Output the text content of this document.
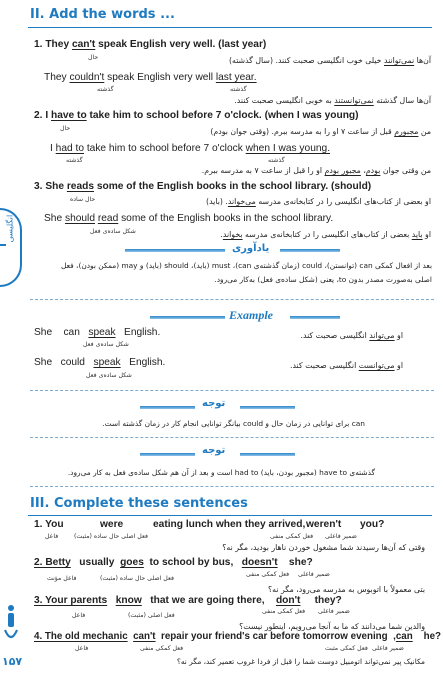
انگلیسی
II. Add the words ...
1. They can't speak English very well. (last year)
حال	آن‌ها نمی‌توانند خیلی خوب انگلیسی صحبت کنند. (سال گذشته)
They couldn't speak English very well last year.
گذشته	گذشته
آن‌ها سال گذشته نمی‌توانستند به خوبی انگلیسی صحبت کنند.
2. I have to take him to school before 7 o'clock. (when I was young)
حال	من مجبورم قبل از ساعت ۷ او را به مدرسه ببرم. (وقتی جوان بودم)
I had to take him to school before 7 o'clock when I was young.
گذشته	گذشته
من وقتی جوان بودم، مجبور بودم او را قبل از ساعت ۷ به مدرسه ببرم.
3. She reads some of the English books in the school library. (should)
حال ساده	او بعضی از کتاب‌های انگلیسی را در کتابخانه‌ی مدرسه می‌خواند. (باید)
She should read some of the English books in the school library.
شکل ساده‌ی فعل	او باید بعضی از کتاب‌های انگلیسی را در کتابخانه‌ی مدرسه بخواند.
یادآوری
بعد از افعال کمکی can (توانستن)، could (زمان گذشته‌ی can)، must (باید)، should (باید) و may (ممکن بودن)، فعل
اصلی به‌صورت مصدر بدون to، یعنی (شکل ساده‌ی فعل) به‌کار می‌رود.
Example
She    can   speak   English.
شکل ساده‌ی فعل
او می‌تواند انگلیسی صحبت کند.
She   could   speak   English.
شکل ساده‌ی فعل
او می‌توانست انگلیسی صحبت کند.
توجه
can برای توانایی در زمان حال و could بیانگر توانایی انجام کار در زمان گذشته است.
توجه
گذشته‌ی have to (مجبور بودن، باید) had to است و بعد از آن هم شکل ساده‌ی فعل به کار می‌رود.
III. Complete these sentences
1. You	were	eating lunch when they arrived, weren't you?
ضمیر فاعلی
فعل کمکی منفی
فعل اصلی حال ساده (مثبت)
فاعل
وقتی که آن‌ها رسیدند شما مشغول خوردن ناهار بودید، مگر نه؟
2. Betty   usually  goes  to school by bus,   doesn't    she?
ضمیر فاعلی
فعل کمکی منفی
فعل اصلی حال ساده (مثبت)
فاعل مؤنث
بتی معمولاً با اتوبوس به مدرسه می‌رود، مگر نه؟
3. Your parents know   that we are going there,    don't     they?
ضمیر فاعلی
فعل کمکی منفی
فعل اصلی (مثبت)
فاعل
والدین شما می‌دانند که ما به آنجا می‌رویم، اینطور نیست؟
4. The old mechanic can't  repair your friend's car before tomorrow evening  ,can    he?
ضمیر فاعلی
فعل کمکی مثبت
فعل کمکی منفی
فاعل
مکانیک پیر نمی‌تواند اتومبیل دوست شما را قبل از فردا غروب تعمیر کند، مگر نه؟
۱۵۷
